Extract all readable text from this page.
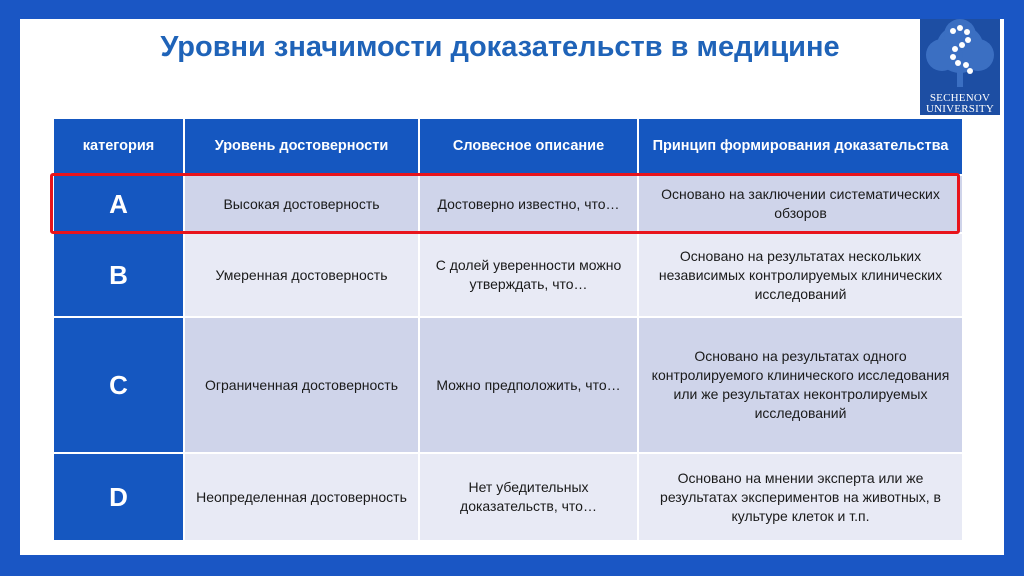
Уровни значимости доказательств в медицине
SECHENOV
UNIVERSITY
категория	Уровень достоверности	Словесное описание	Принцип формирования доказательства
A	Высокая достоверность	Достоверно известно, что…	Основано на заключении систематических обзоров
B	Умеренная достоверность	С долей уверенности можно утверждать, что…	Основано на результатах нескольких независимых контролируемых клинических исследований
C	Ограниченная достоверность	Можно предположить, что…	Основано на результатах одного контролируемого клинического исследования или же результатах неконтролируемых исследований
D	Неопределенная достоверность	Нет убедительных доказательств, что…	Основано на мнении эксперта или же результатах экспериментов на животных, в культуре клеток и т.п.
